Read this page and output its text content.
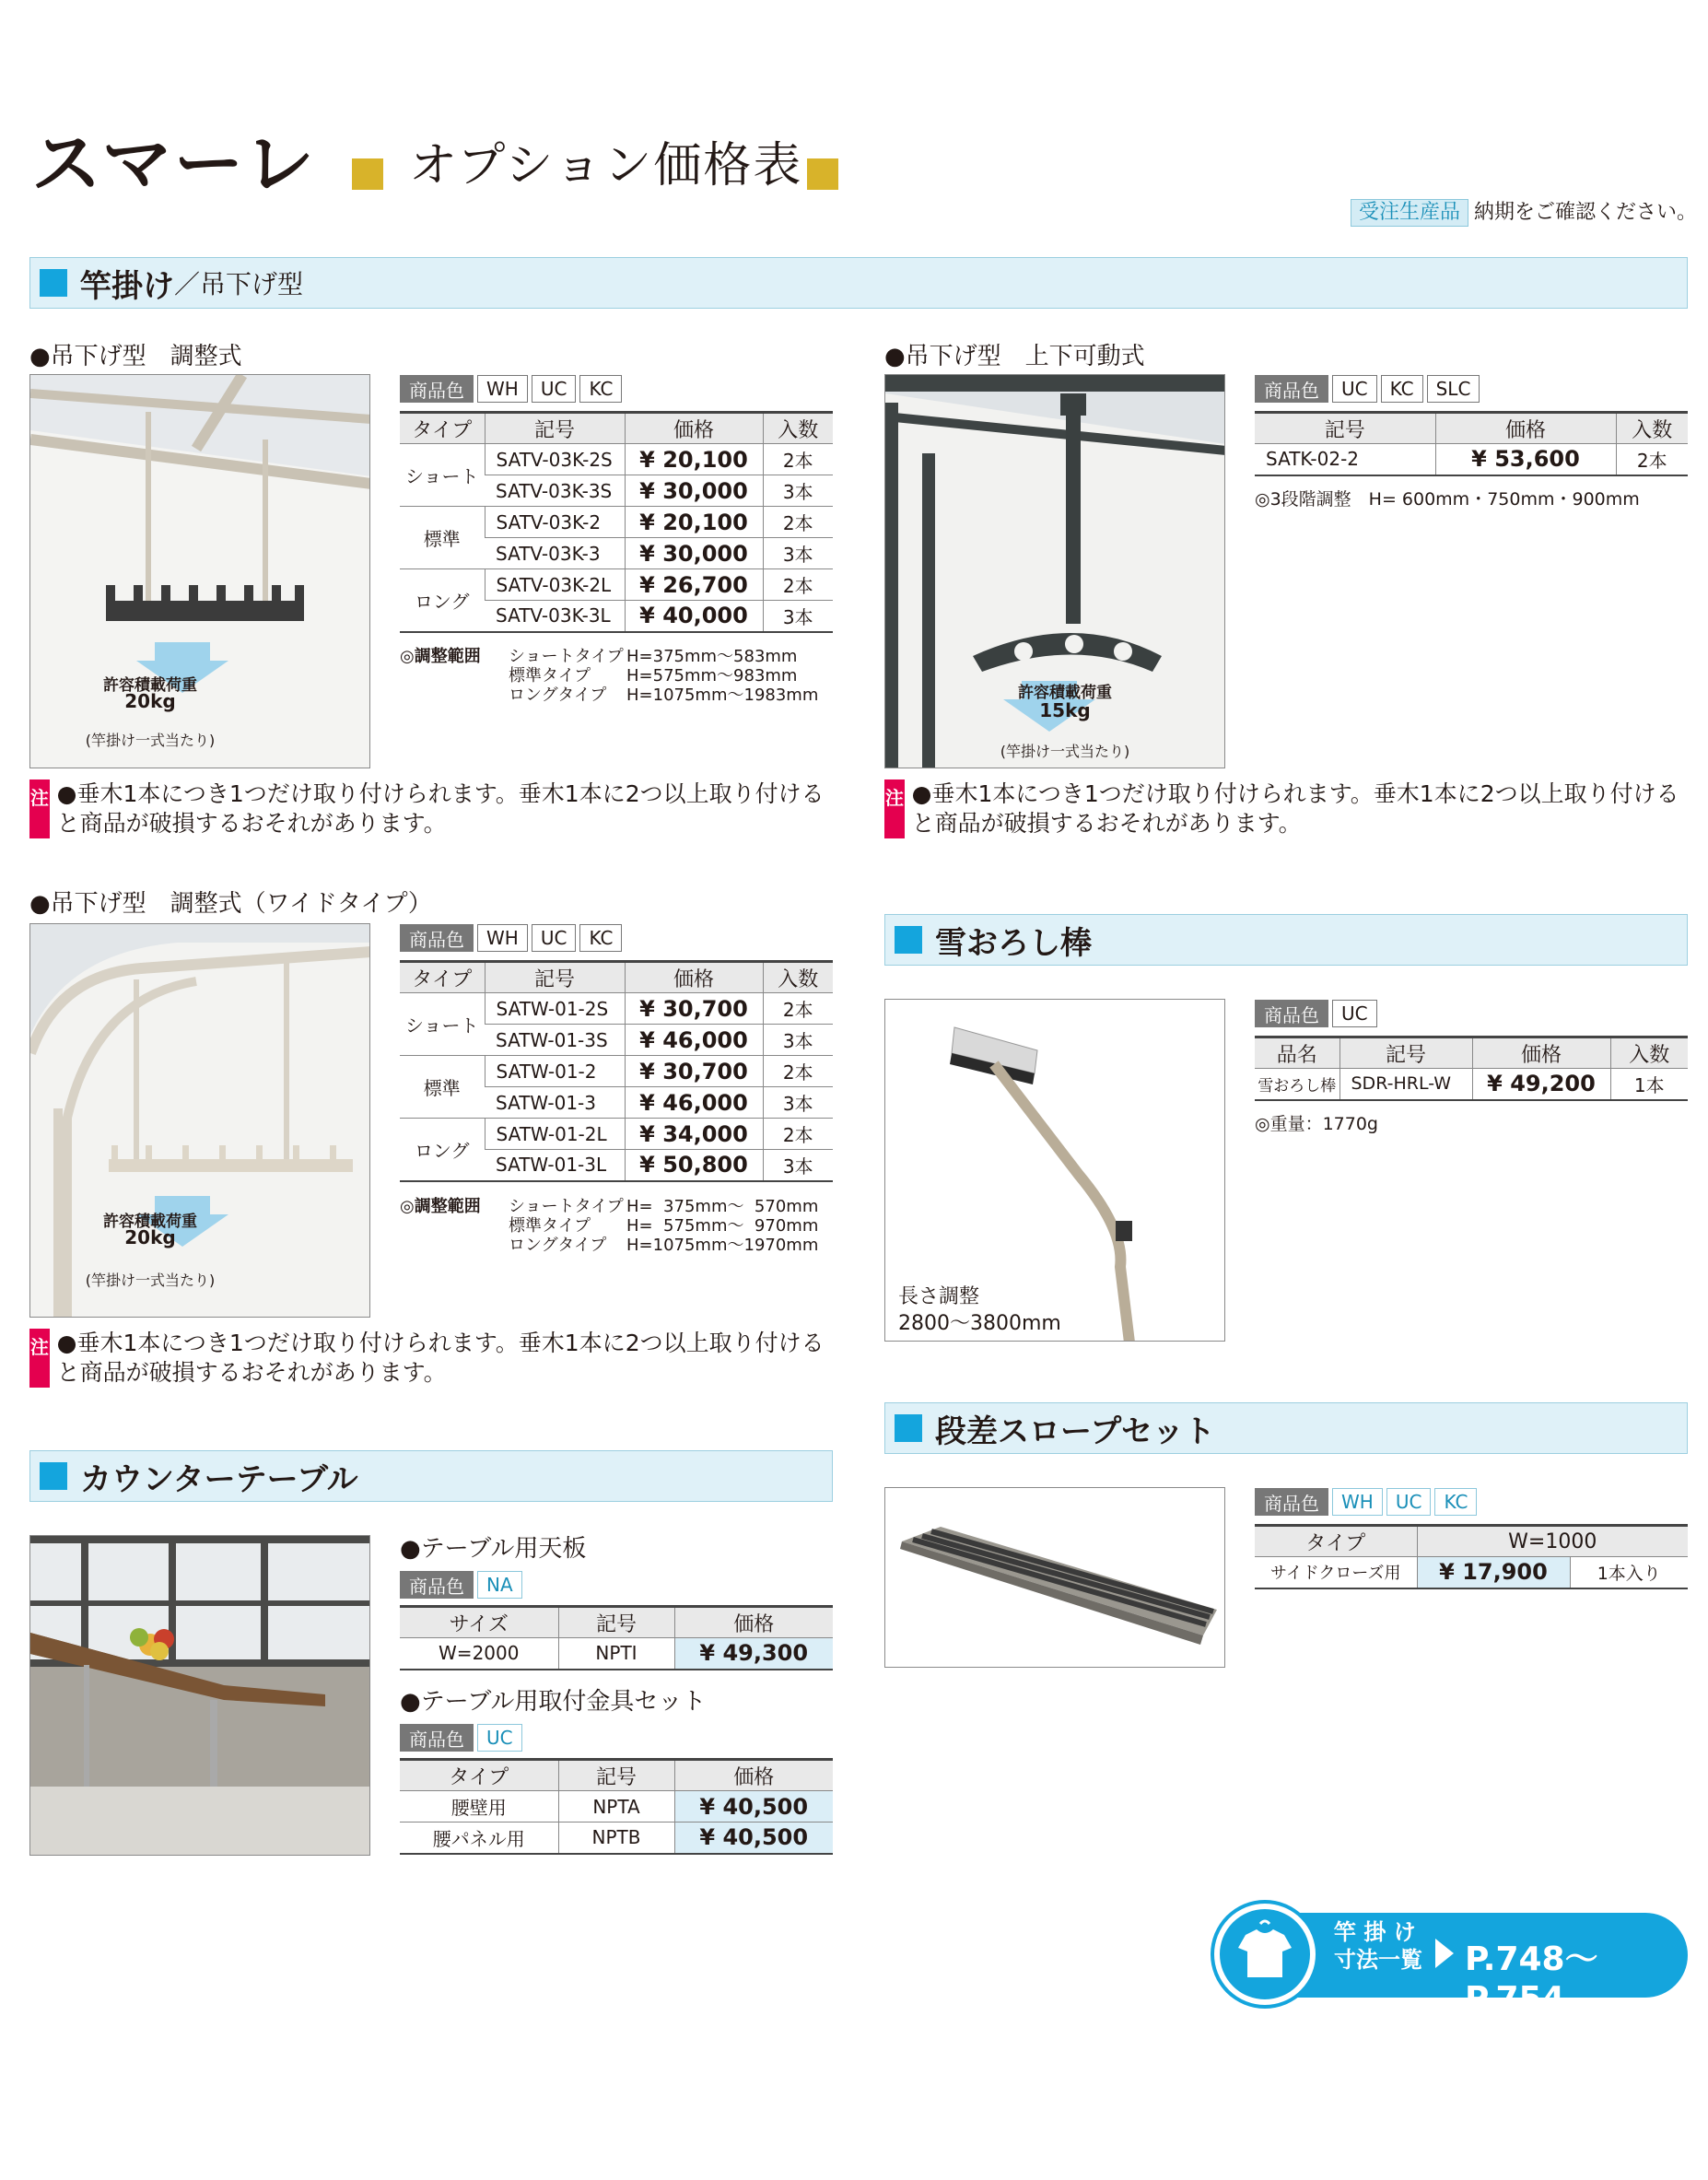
スマーレ オプション価格表
受注生産品 納期をご確認ください。
竿掛け ／吊下げ型
●吊下げ型　調整式
許容積載荷重
20kg
(竿掛け一式当たり)
商品色	WH	UC	KC
タイプ	記号	価格	入数
ショート	SATV-03K-2S	¥ 20,100	2本
	SATV-03K-3S	¥ 30,000	3本
標準	SATV-03K-2	¥ 20,100	2本
	SATV-03K-3	¥ 30,000	3本
ロング	SATV-03K-2L	¥ 26,700	2本
	SATV-03K-3L	¥ 40,000	3本
◎調整範囲 ショートタイプ H=375mm〜583mm
標準タイプ H=575mm〜983mm
ロングタイプ H=1075mm〜1983mm
注 ●垂木1本につき1つだけ取り付けられます。垂木1本に2つ以上取り付けると商品が破損するおそれがあります。
●吊下げ型　上下可動式
許容積載荷重
15kg
(竿掛け一式当たり)
商品色	UC	KC	SLC
記号	価格	入数
SATK-02-2	¥ 53,600	2本
◎3段階調整　H= 600mm・750mm・900mm
注 ●垂木1本につき1つだけ取り付けられます。垂木1本に2つ以上取り付けると商品が破損するおそれがあります。
●吊下げ型　調整式（ワイドタイプ）
許容積載荷重
20kg
(竿掛け一式当たり)
商品色	WH	UC	KC
タイプ	記号	価格	入数
ショート	SATW-01-2S	¥ 30,700	2本
	SATW-01-3S	¥ 46,000	3本
標準	SATW-01-2	¥ 30,700	2本
	SATW-01-3	¥ 46,000	3本
ロング	SATW-01-2L	¥ 34,000	2本
	SATW-01-3L	¥ 50,800	3本
◎調整範囲 ショートタイプ H=  375mm〜  570mm
標準タイプ H=  575mm〜  970mm
ロングタイプ H=1075mm〜1970mm
注 ●垂木1本につき1つだけ取り付けられます。垂木1本に2つ以上取り付けると商品が破損するおそれがあります。
雪おろし棒
長さ調整
2800〜3800mm
商品色	UC
品名	記号	価格	入数
雪おろし棒	SDR-HRL-W	¥ 49,200	1本
◎重量：1770g
カウンターテーブル
●テーブル用天板
商品色	NA
サイズ	記号	価格
W=2000	NPTI	¥ 49,300
●テーブル用取付金具セット
商品色	UC
タイプ	記号	価格
腰壁用	NPTA	¥ 40,500
腰パネル用	NPTB	¥ 40,500
段差スロープセット
商品色	WH	UC	KC
タイプ	W=1000	
サイドクローズ用	¥ 17,900	1本入り
竿 掛 け
寸法一覧 P.748〜P.754
